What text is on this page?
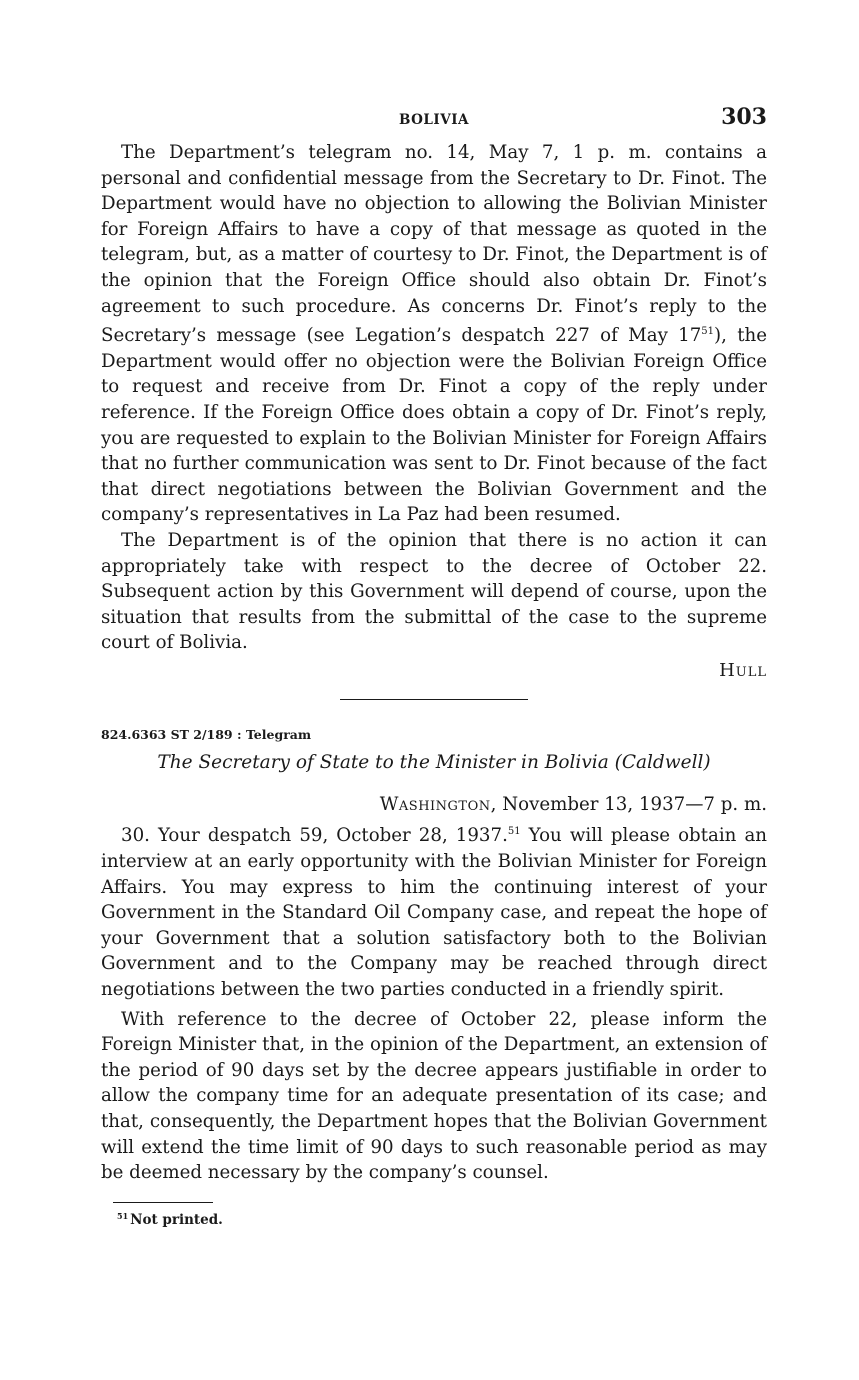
BOLIVIA	303

The Department’s telegram no. 14, May 7, 1 p. m. contains a personal and confidential message from the Secretary to Dr. Finot. The Department would have no objection to allowing the Bolivian Minister for Foreign Affairs to have a copy of that message as quoted in the telegram, but, as a matter of courtesy to Dr. Finot, the Department is of the opinion that the Foreign Office should also obtain Dr. Finot’s agreement to such procedure. As concerns Dr. Finot’s reply to the Secretary’s message (see Legation’s despatch 227 of May 17$^{51}$), the Department would offer no objection were the Bolivian Foreign Office to request and receive from Dr. Finot a copy of the reply under reference. If the Foreign Office does obtain a copy of Dr. Finot’s reply, you are requested to explain to the Bolivian Minister for Foreign Affairs that no further communication was sent to Dr. Finot because of the fact that direct negotiations between the Bolivian Government and the company’s representatives in La Paz had been resumed.

The Department is of the opinion that there is no action it can appropriately take with respect to the decree of October 22. Subsequent action by this Government will depend of course, upon the situation that results from the submittal of the case to the supreme court of Bolivia.

Hull
824.6363 ST 2/189 : Telegram
The Secretary of State to the Minister in Bolivia (Caldwell)
Washington, November 13, 1937—7 p. m.

30. Your despatch 59, October 28, 1937.51 You will please obtain an interview at an early opportunity with the Bolivian Minister for Foreign Affairs. You may express to him the continuing interest of your Government in the Standard Oil Company case, and repeat the hope of your Government that a solution satisfactory both to the Bolivian Government and to the Company may be reached through direct negotiations between the two parties conducted in a friendly spirit.

With reference to the decree of October 22, please inform the Foreign Minister that, in the opinion of the Department, an extension of the period of 90 days set by the decree appears justifiable in order to allow the company time for an adequate presentation of its case; and that, consequently, the Department hopes that the Bolivian Government will extend the time limit of 90 days to such reasonable period as may be deemed necessary by the company’s counsel.

$^{51}$ Not printed.
